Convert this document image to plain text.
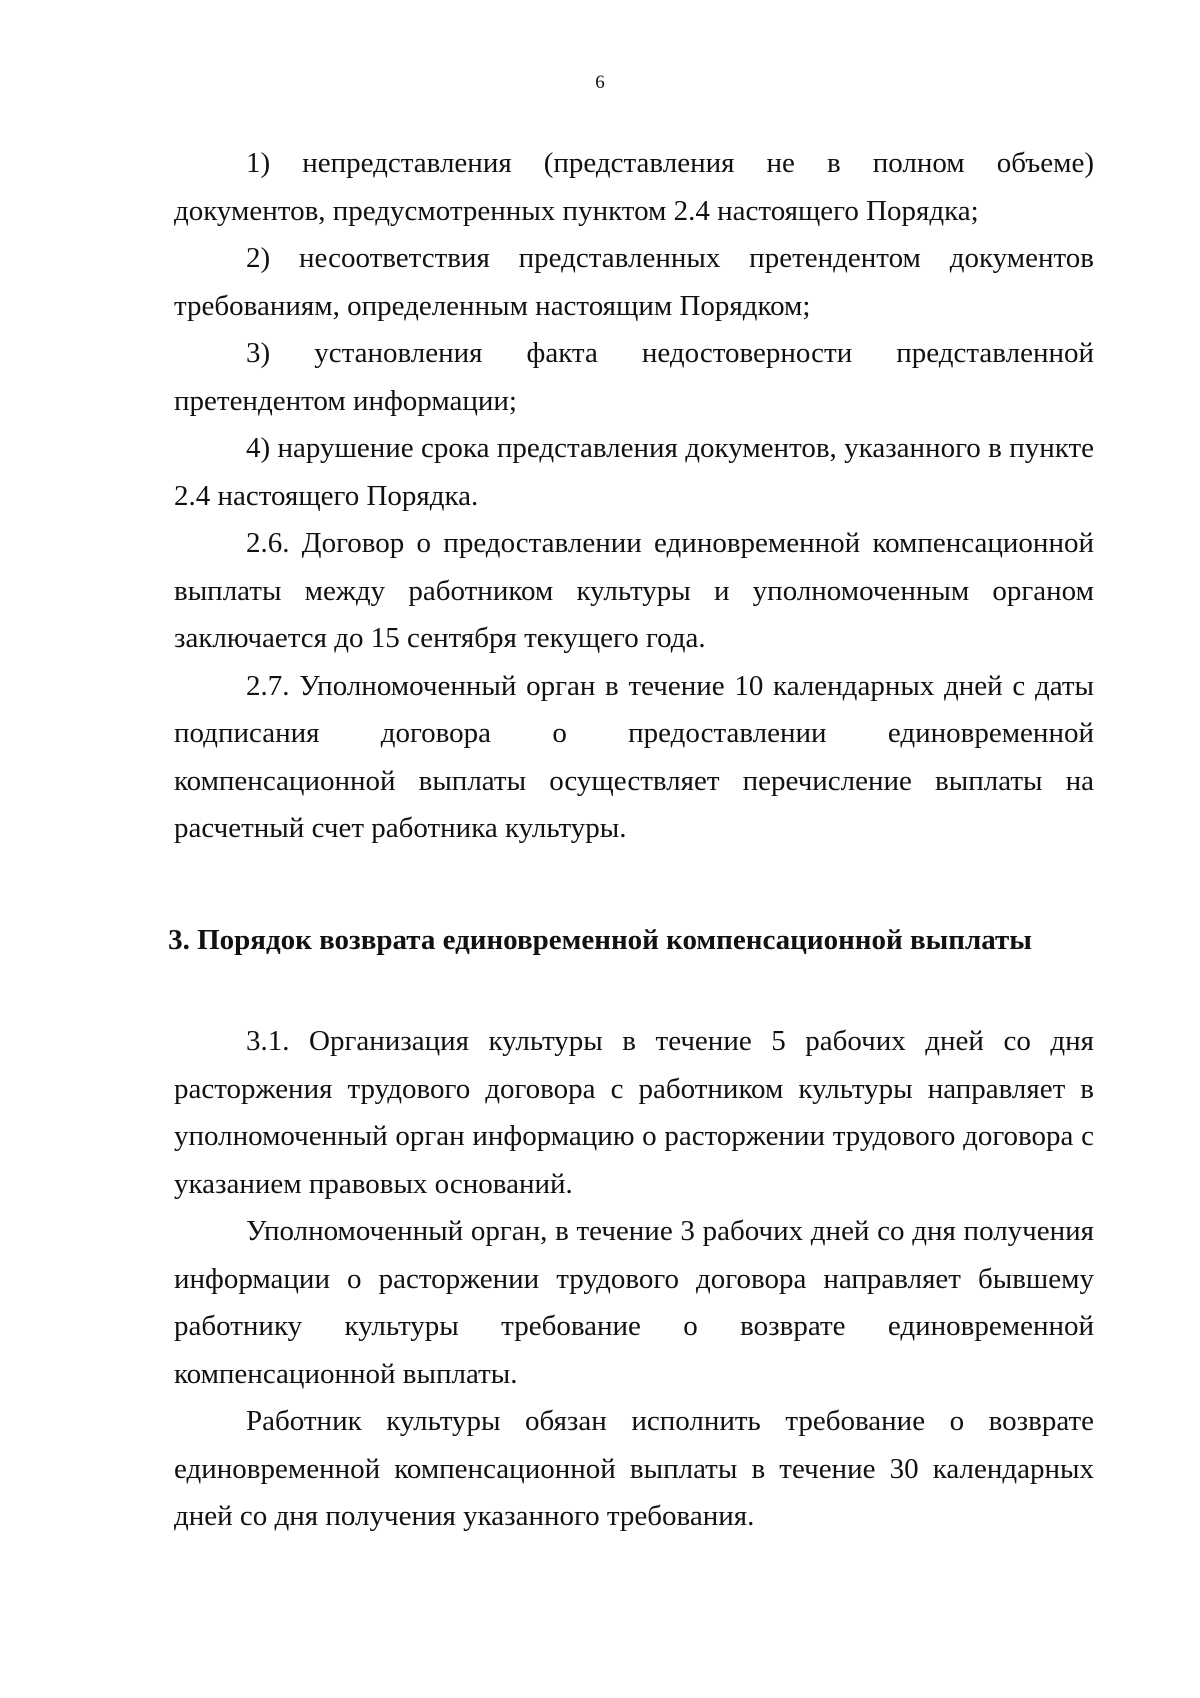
6

1) непредставления (представления не в полном объеме) документов, предусмотренных пунктом 2.4 настоящего Порядка;

2) несоответствия представленных претендентом документов требованиям, определенным настоящим Порядком;

3) установления факта недостоверности представленной претендентом информации;

4) нарушение срока представления документов, указанного в пункте 2.4 настоящего Порядка.

2.6. Договор о предоставлении единовременной компенсационной выплаты между работником культуры и уполномоченным органом заключается до 15 сентября текущего года.

2.7. Уполномоченный орган в течение 10 календарных дней с даты подписания договора о предоставлении единовременной компенсационной выплаты осуществляет перечисление выплаты на расчетный счет работника культуры.

3. Порядок возврата единовременной компенсационной выплаты

3.1. Организация культуры в течение 5 рабочих дней со дня расторжения трудового договора с работником культуры направляет в уполномоченный орган информацию о расторжении трудового договора с указанием правовых оснований.

Уполномоченный орган, в течение 3 рабочих дней со дня получения информации о расторжении трудового договора направляет бывшему работнику культуры требование о возврате единовременной компенсационной выплаты.

Работник культуры обязан исполнить требование о возврате единовременной компенсационной выплаты в течение 30 календарных дней со дня получения указанного требования.
